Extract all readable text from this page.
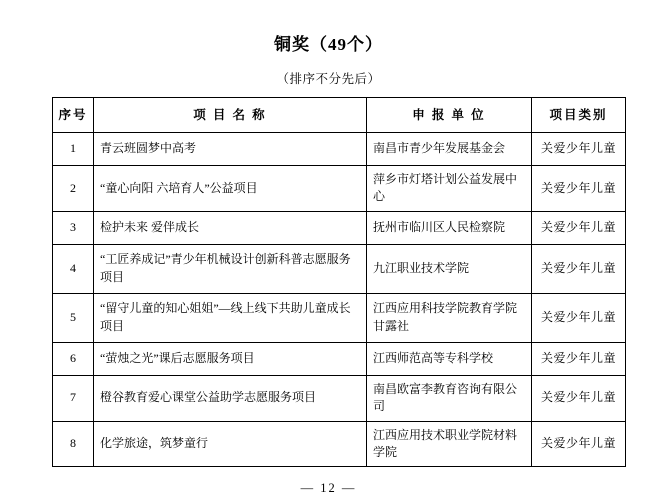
铜奖（49个）
（排序不分先后）
序号	项 目 名 称	申 报 单 位	项目类别
1	青云班圆梦中高考	南昌市青少年发展基金会	关爱少年儿童
2	“童心向阳 六培育人”公益项目	萍乡市灯塔计划公益发展中心	关爱少年儿童
3	检护未来 爱伴成长	抚州市临川区人民检察院	关爱少年儿童
4	“工匠养成记”青少年机械设计创新科普志愿服务项目	九江职业技术学院	关爱少年儿童
5	“留守儿童的知心姐姐”—线上线下共助儿童成长项目	江西应用科技学院教育学院甘露社	关爱少年儿童
6	“萤烛之光”课后志愿服务项目	江西师范高等专科学校	关爱少年儿童
7	橙谷教育爱心课堂公益助学志愿服务项目	南昌欧富李教育咨询有限公司	关爱少年儿童
8	化学旅途，筑梦童行	江西应用技术职业学院材料学院	关爱少年儿童
— 12 —
